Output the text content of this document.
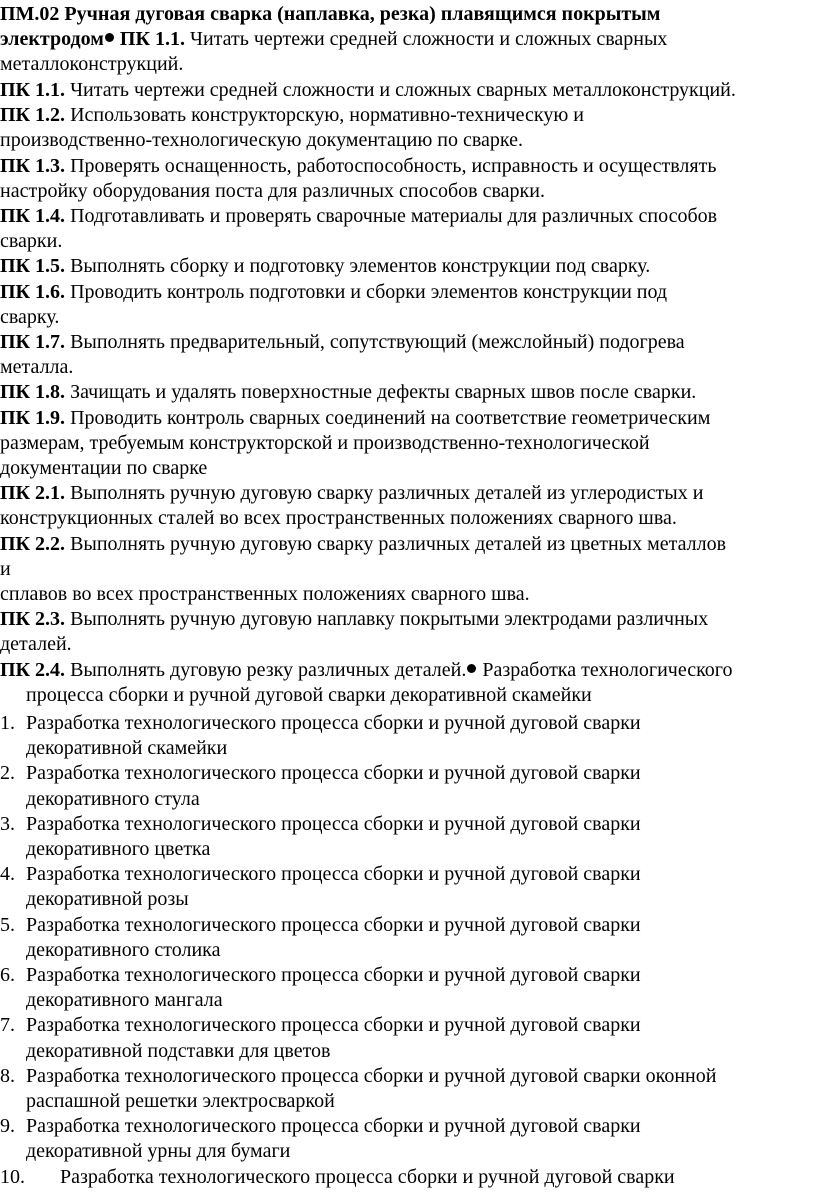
ПМ.02 Ручная дуговая сварка (наплавка, резка) плавящимся покрытым
электродом ПК 1.1. Читать чертежи средней сложности и сложных сварных
металлоконструкций.
ПК 1.1. Читать чертежи средней сложности и сложных сварных металлоконструкций.
ПК 1.2. Использовать конструкторскую, нормативно-техническую и
производственно-технологическую документацию по сварке.
ПК 1.3. Проверять оснащенность, работоспособность, исправность и осуществлять
настройку оборудования поста для различных способов сварки.
ПК 1.4. Подготавливать и проверять сварочные материалы для различных способов
сварки.
ПК 1.5. Выполнять сборку и подготовку элементов конструкции под сварку.
ПК 1.6. Проводить контроль подготовки и сборки элементов конструкции под
сварку.
ПК 1.7. Выполнять предварительный, сопутствующий (межслойный) подогрева
металла.
ПК 1.8. Зачищать и удалять поверхностные дефекты сварных швов после сварки.
ПК 1.9. Проводить контроль сварных соединений на соответствие геометрическим
размерам, требуемым конструкторской и производственно-технологической
документации по сварке
ПК 2.1. Выполнять ручную дуговую сварку различных деталей из углеродистых и
конструкционных сталей во всех пространственных положениях сварного шва.
ПК 2.2. Выполнять ручную дуговую сварку различных деталей из цветных металлов
и
сплавов во всех пространственных положениях сварного шва.
ПК 2.3. Выполнять ручную дуговую наплавку покрытыми электродами различных
деталей.
ПК 2.4. Выполнять дуговую резку различных деталей. Разработка технологического
процесса сборки и ручной дуговой сварки декоративной скамейки
1. Разработка технологического процесса сборки и ручной дуговой сварки
декоративной скамейки
2. Разработка технологического процесса сборки и ручной дуговой сварки
декоративного стула
3. Разработка технологического процесса сборки и ручной дуговой сварки
декоративного цветка
4. Разработка технологического процесса сборки и ручной дуговой сварки
декоративной розы
5. Разработка технологического процесса сборки и ручной дуговой сварки
декоративного столика
6. Разработка технологического процесса сборки и ручной дуговой сварки
декоративного мангала
7. Разработка технологического процесса сборки и ручной дуговой сварки
декоративной подставки для цветов
8. Разработка технологического процесса сборки и ручной дуговой сварки оконной
распашной решетки электросваркой
9. Разработка технологического процесса сборки и ручной дуговой сварки
декоративной урны для бумаги
10.	Разработка технологического процесса сборки и ручной дуговой сварки
